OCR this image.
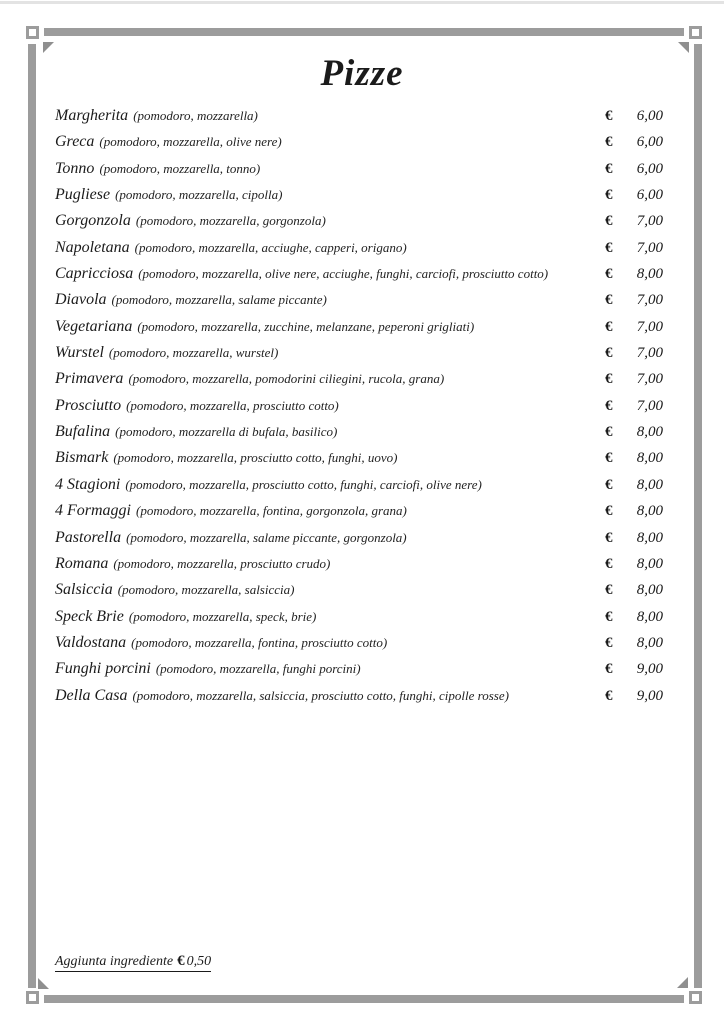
Pizze
Margherita (pomodoro, mozzarella)	€ 6,00
Greca (pomodoro, mozzarella, olive nere)	€ 6,00
Tonno (pomodoro, mozzarella, tonno)	€ 6,00
Pugliese (pomodoro, mozzarella, cipolla)	€ 6,00
Gorgonzola (pomodoro, mozzarella, gorgonzola)	€ 7,00
Napoletana (pomodoro, mozzarella, acciughe, capperi, origano)	€ 7,00
Capricciosa (pomodoro, mozzarella, olive nere, acciughe, funghi, carciofi, prosciutto cotto)	€ 8,00
Diavola (pomodoro, mozzarella, salame piccante)	€ 7,00
Vegetariana (pomodoro, mozzarella, zucchine, melanzane, peperoni grigliati)	€ 7,00
Wurstel (pomodoro, mozzarella, wurstel)	€ 7,00
Primavera (pomodoro, mozzarella, pomodorini ciliegini, rucola, grana)	€ 7,00
Prosciutto (pomodoro, mozzarella, prosciutto cotto)	€ 7,00
Bufalina (pomodoro, mozzarella di bufala, basilico)	€ 8,00
Bismark (pomodoro, mozzarella, prosciutto cotto, funghi, uovo)	€ 8,00
4 Stagioni (pomodoro, mozzarella, prosciutto cotto, funghi, carciofi, olive nere)	€ 8,00
4 Formaggi (pomodoro, mozzarella, fontina, gorgonzola, grana)	€ 8,00
Pastorella (pomodoro, mozzarella, salame piccante, gorgonzola)	€ 8,00
Romana (pomodoro, mozzarella, prosciutto crudo)	€ 8,00
Salsiccia (pomodoro, mozzarella, salsiccia)	€ 8,00
Speck Brie (pomodoro, mozzarella, speck, brie)	€ 8,00
Valdostana (pomodoro, mozzarella, fontina, prosciutto cotto)	€ 8,00
Funghi porcini (pomodoro, mozzarella, funghi porcini)	€ 9,00
Della Casa (pomodoro, mozzarella, salsiccia, prosciutto cotto, funghi, cipolle rosse)	€ 9,00
Aggiunta ingrediente € 0,50
